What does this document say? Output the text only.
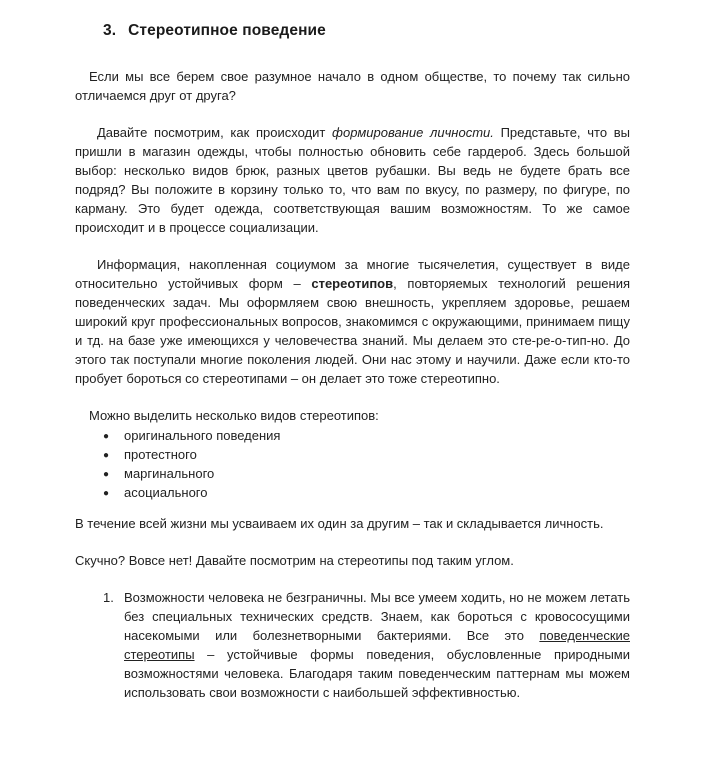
3. Стереотипное поведение

Если мы все берем свое разумное начало в одном обществе, то почему так сильно отличаемся друг от друга?

Давайте посмотрим, как происходит формирование личности. Представьте, что вы пришли в магазин одежды, чтобы полностью обновить себе гардероб. Здесь большой выбор: несколько видов брюк, разных цветов рубашки. Вы ведь не будете брать все подряд? Вы положите в корзину только то, что вам по вкусу, по размеру, по фигуре, по карману. Это будет одежда, соответствующая вашим возможностям. То же самое происходит и в процессе социализации.

Информация, накопленная социумом за многие тысячелетия, существует в виде относительно устойчивых форм – стереотипов, повторяемых технологий решения поведенческих задач. Мы оформляем свою внешность, укрепляем здоровье, решаем широкий круг профессиональных вопросов, знакомимся с окружающими, принимаем пищу и тд. на базе уже имеющихся у человечества знаний. Мы делаем это сте-ре-о-тип-но. До этого так поступали многие поколения людей. Они нас этому и научили. Даже если кто-то пробует бороться со стереотипами – он делает это тоже стереотипно.

Можно выделить несколько видов стереотипов:

● оригинального поведения
● протестного
● маргинального
● асоциального

В течение всей жизни мы усваиваем их один за другим – так и складывается личность.

Скучно? Вовсе нет! Давайте посмотрим на стереотипы под таким углом.

1. Возможности человека не безграничны. Мы все умеем ходить, но не можем летать без специальных технических средств. Знаем, как бороться с кровососущими насекомыми или болезнетворными бактериями. Все это поведенческие стереотипы – устойчивые формы поведения, обусловленные природными возможностями человека. Благодаря таким поведенческим паттернам мы можем использовать свои возможности с наибольшей эффективностью.
